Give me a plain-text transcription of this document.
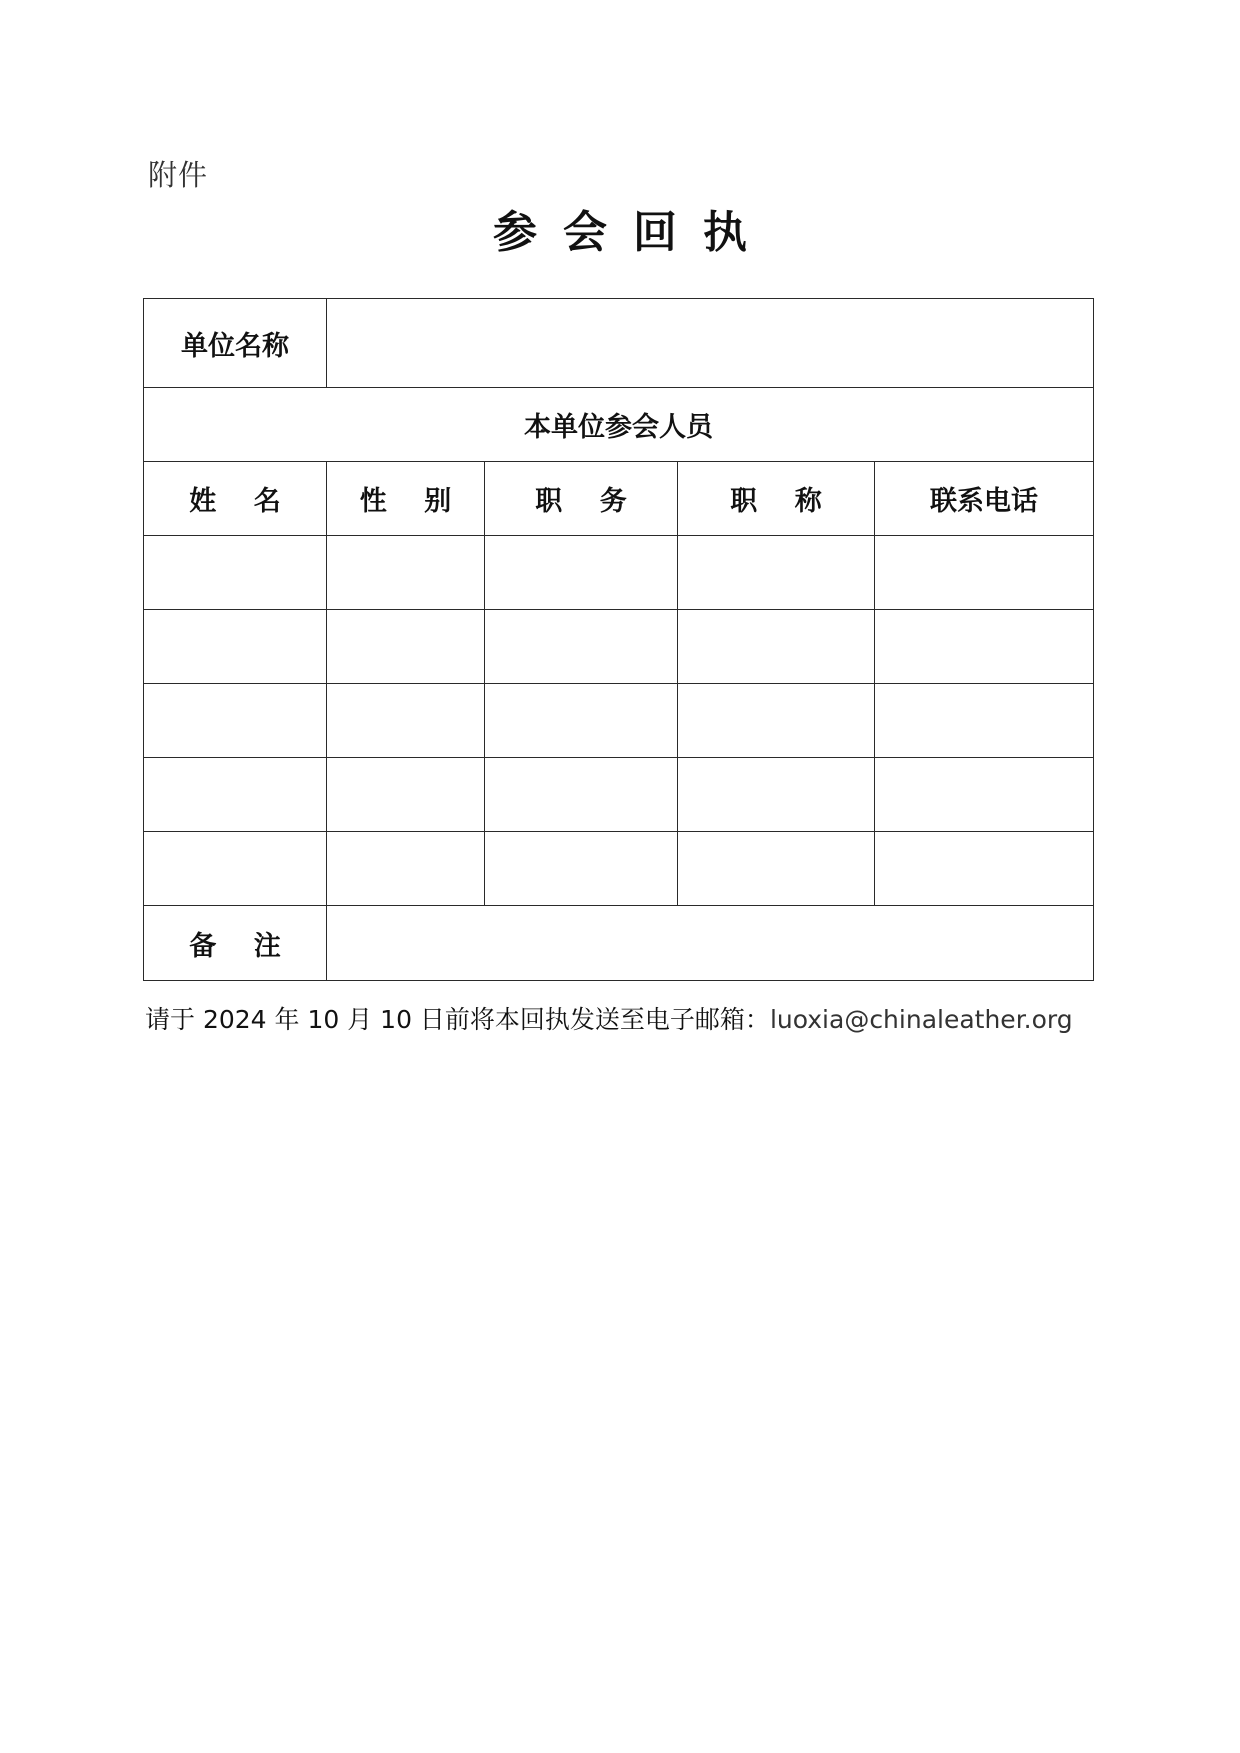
附件
参会回执
单位名称				
本单位参会人员				
姓 名	性 别	职 务	职 称	联系电话

备 注				
请于 2024 年 10 月 10 日前将本回执发送至电子邮箱：luoxia@chinaleather.org
